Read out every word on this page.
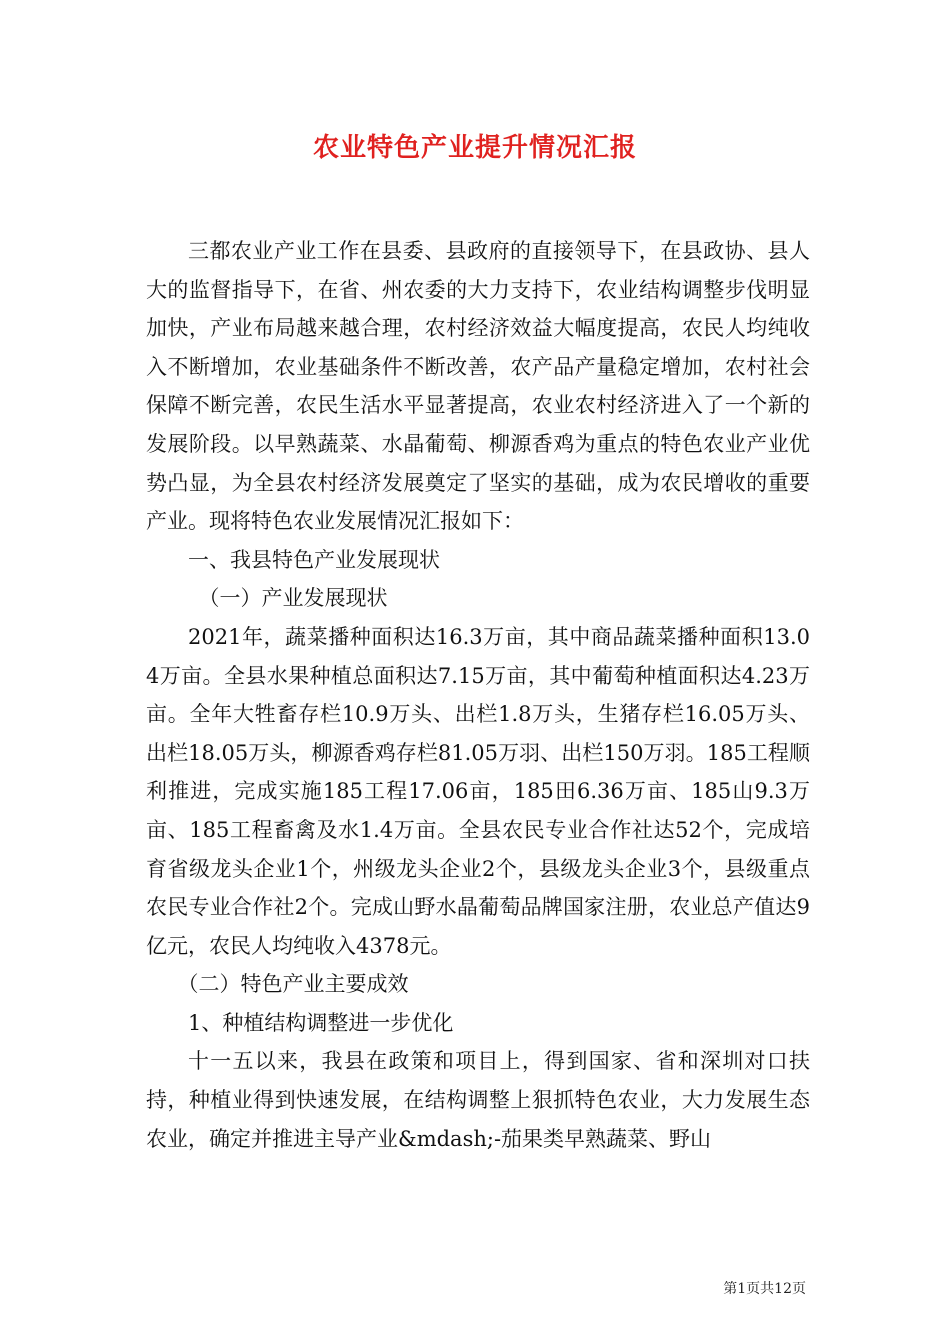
农业特色产业提升情况汇报

三都农业产业工作在县委、县政府的直接领导下，在县政协、县人大的监督指导下，在省、州农委的大力支持下，农业结构调整步伐明显加快，产业布局越来越合理，农村经济效益大幅度提高，农民人均纯收入不断增加，农业基础条件不断改善，农产品产量稳定增加，农村社会保障不断完善，农民生活水平显著提高，农业农村经济进入了一个新的发展阶段。以早熟蔬菜、水晶葡萄、柳源香鸡为重点的特色农业产业优势凸显，为全县农村经济发展奠定了坚实的基础，成为农民增收的重要产业。现将特色农业发展情况汇报如下：

一、我县特色产业发展现状

（一）产业发展现状

2021年，蔬菜播种面积达16.3万亩，其中商品蔬菜播种面积13.04万亩。全县水果种植总面积达7.15万亩，其中葡萄种植面积达4.23万亩。全年大牲畜存栏10.9万头、出栏1.8万头，生猪存栏16.05万头、出栏18.05万头，柳源香鸡存栏81.05万羽、出栏150万羽。185工程顺利推进，完成实施185工程17.06亩，185田6.36万亩、185山9.3万亩、185工程畜禽及水1.4万亩。全县农民专业合作社达52个，完成培育省级龙头企业1个，州级龙头企业2个，县级龙头企业3个，县级重点农民专业合作社2个。完成山野水晶葡萄品牌国家注册，农业总产值达9亿元，农民人均纯收入4378元。

（二）特色产业主要成效

1、种植结构调整进一步优化

十一五以来，我县在政策和项目上，得到国家、省和深圳对口扶持，种植业得到快速发展，在结构调整上狠抓特色农业，大力发展生态农业，确定并推进主导产业&mdash;-茄果类早熟蔬菜、野山

第1页共12页
